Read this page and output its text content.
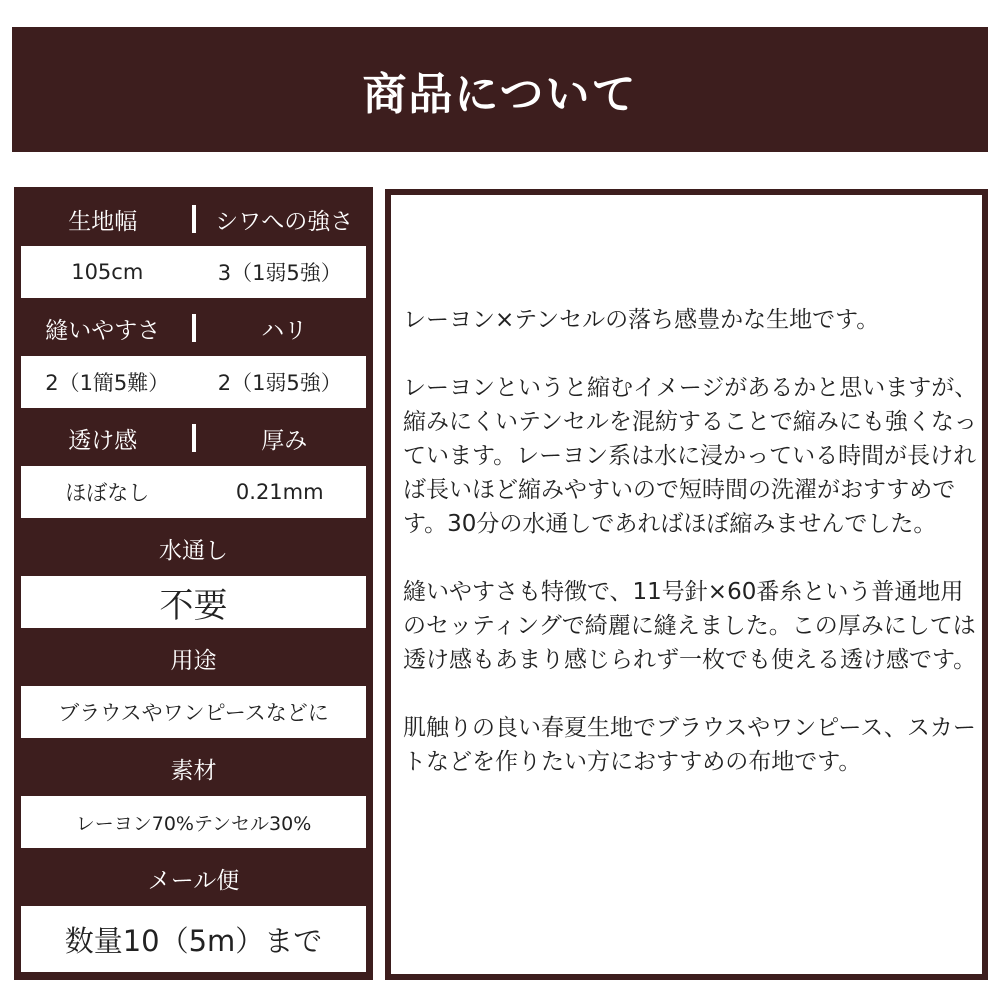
商品について
生地幅	シワへの強さ
105cm	3（1弱5強）
縫いやすさ	ハリ
2（1簡5難）	2（1弱5強）
透け感	厚み
ほぼなし	0.21mm
水通し
不要
用途
ブラウスやワンピースなどに
素材
レーヨン70%テンセル30%
メール便
数量10（5m）まで

レーヨン×テンセルの落ち感豊かな生地です。

レーヨンというと縮むイメージがあるかと思いますが、縮みにくいテンセルを混紡することで縮みにも強くなっています。レーヨン系は水に浸かっている時間が長ければ長いほど縮みやすいので短時間の洗濯がおすすめです。30分の水通しであればほぼ縮みませんでした。

縫いやすさも特徴で、11号針×60番糸という普通地用のセッティングで綺麗に縫えました。この厚みにしては透け感もあまり感じられず一枚でも使える透け感です。

肌触りの良い春夏生地でブラウスやワンピース、スカートなどを作りたい方におすすめの布地です。
